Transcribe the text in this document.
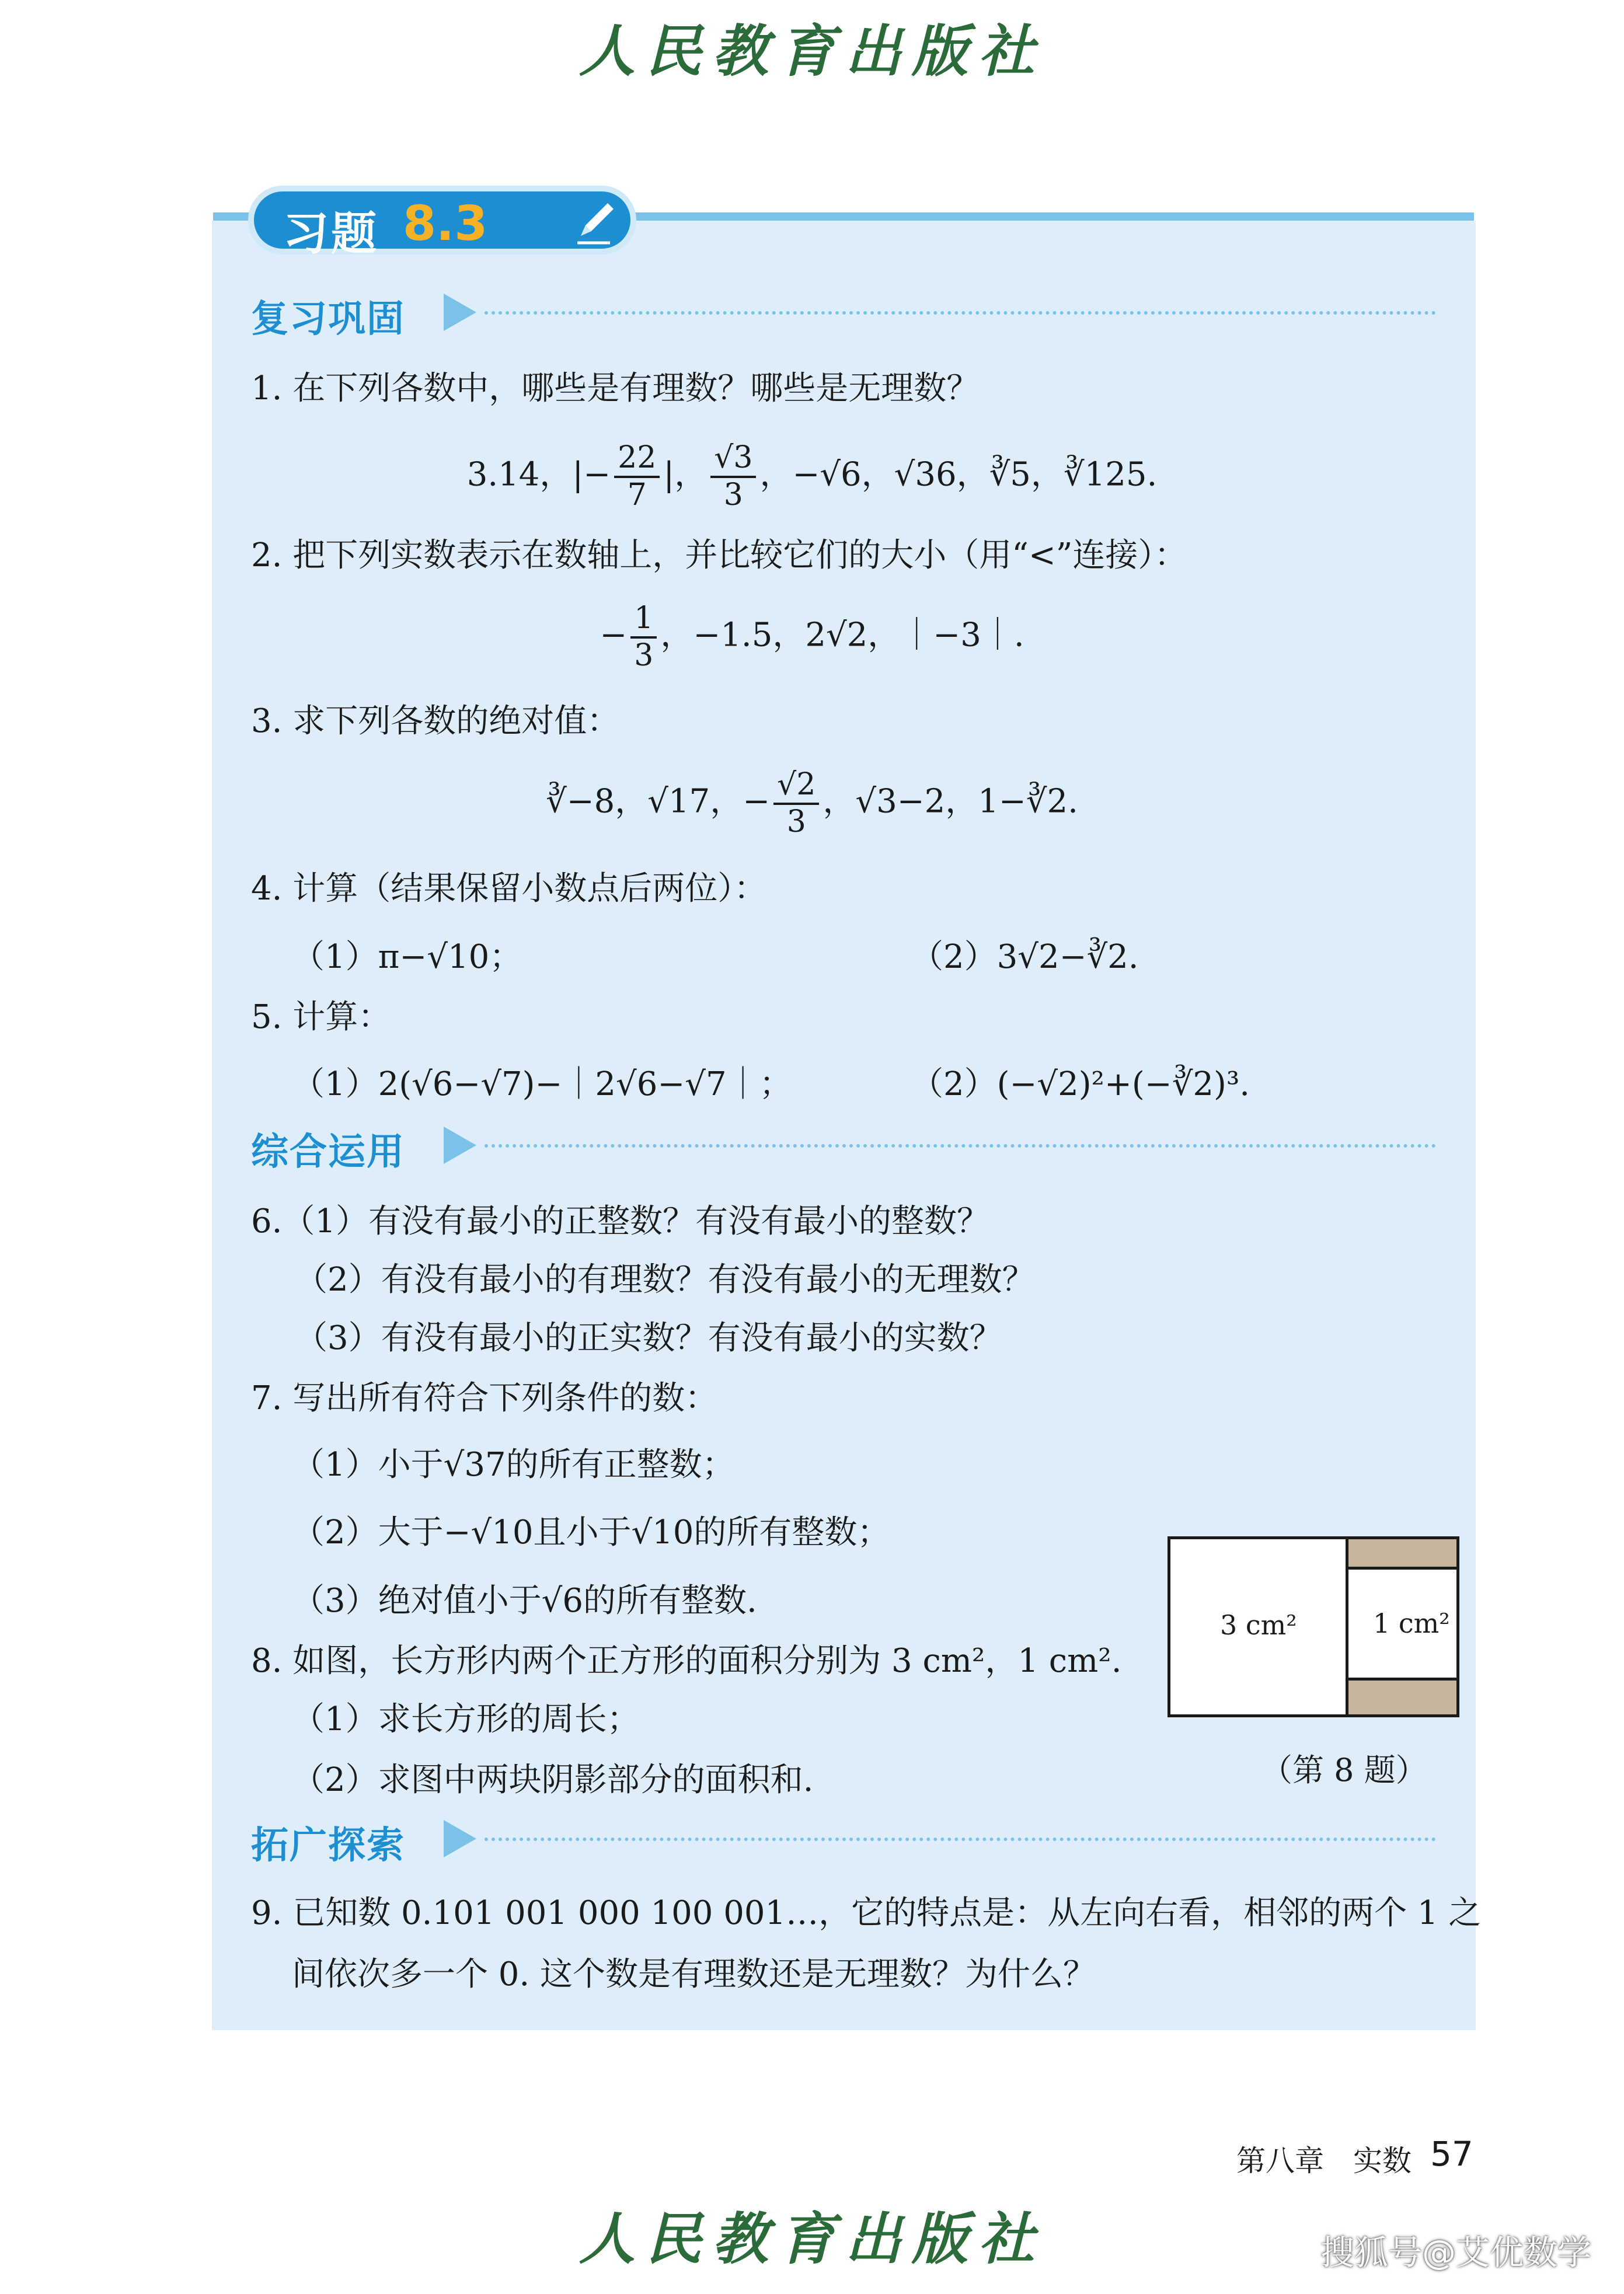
人民教育出版社
习题 8.3
复习巩固
1. 在下列各数中，哪些是有理数？哪些是无理数？
3.14，|− $\frac{22}{7}$ |， $\frac{√3}{3}$ ，−√6，√36，∛5，∛125.
2. 把下列实数表示在数轴上，并比较它们的大小（用“<”连接）：
− $\frac{1}{3}$ ，−1.5，2√2，｜−3｜.
3. 求下列各数的绝对值：
∛−8，√17，− $\frac{√2}{3}$ ，√3−2，1−∛2.
4. 计算（结果保留小数点后两位）：
（1）π−√10；	（2）3√2−∛2.
5. 计算：
（1）2(√6−√7)−｜2√6−√7｜；	（2）(−√2)²+(−∛2)³.
综合运用
6.（1）有没有最小的正整数？有没有最小的整数？
（2）有没有最小的有理数？有没有最小的无理数？
（3）有没有最小的正实数？有没有最小的实数？
7. 写出所有符合下列条件的数：
（1）小于√37的所有正整数；
（2）大于−√10且小于√10的所有整数；
（3）绝对值小于√6的所有整数.
8. 如图，长方形内两个正方形的面积分别为 3 cm²，1 cm².
（1）求长方形的周长；
（2）求图中两块阴影部分的面积和.
3 cm²	1 cm²
（第 8 题）
拓广探索
9. 已知数 0.101 001 000 100 001…，它的特点是：从左向右看，相邻的两个 1 之
间依次多一个 0. 这个数是有理数还是无理数？为什么？
第八章　实数 57
人民教育出版社	搜狐号@艾优数学
